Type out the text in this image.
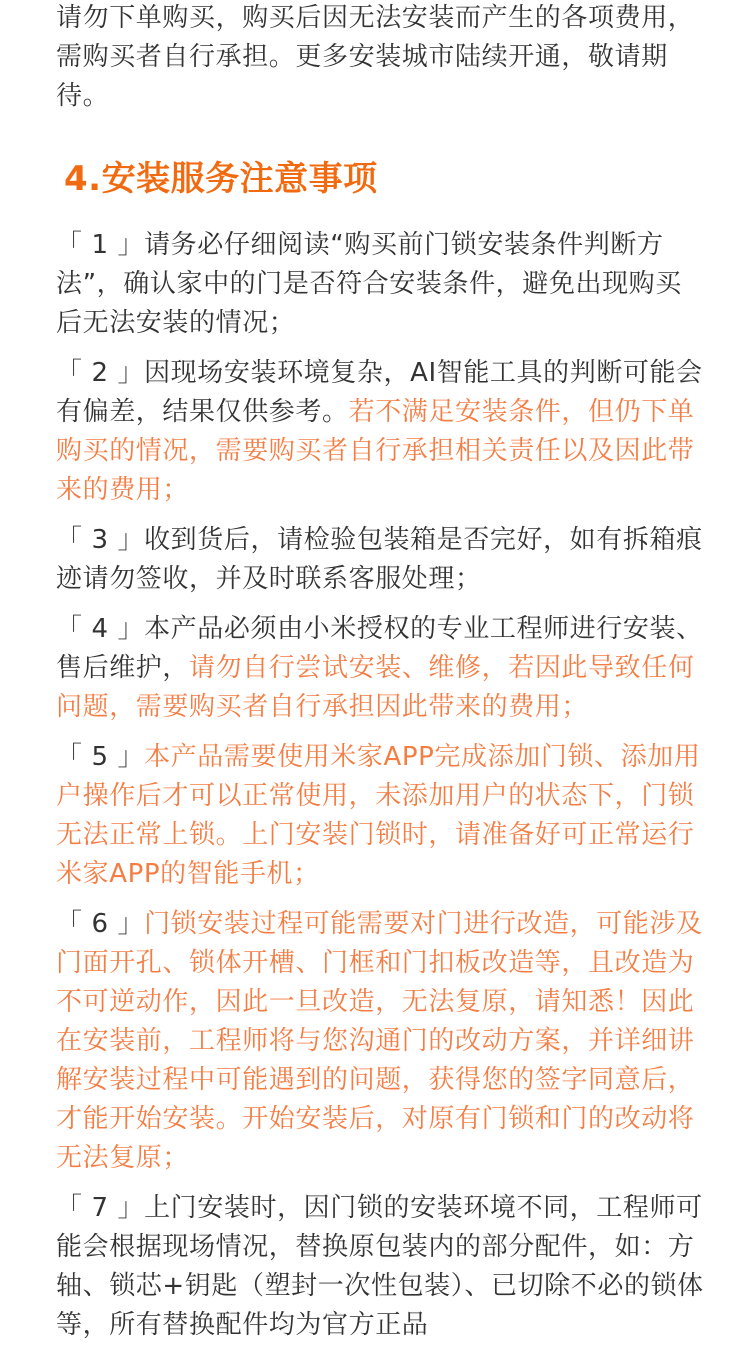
请勿下单购买，购买后因无法安装而产生的各项费用，需购买者自行承担。更多安装城市陆续开通，敬请期待。

4.安装服务注意事项

「 1 」请务必仔细阅读“购买前门锁安装条件判断方法”，确认家中的门是否符合安装条件，避免出现购买后无法安装的情况；

「 2 」因现场安装环境复杂，AI智能工具的判断可能会有偏差，结果仅供参考。若不满足安装条件，但仍下单购买的情况，需要购买者自行承担相关责任以及因此带来的费用；

「 3 」收到货后，请检验包装箱是否完好，如有拆箱痕迹请勿签收，并及时联系客服处理；

「 4 」本产品必须由小米授权的专业工程师进行安装、售后维护，请勿自行尝试安装、维修，若因此导致任何问题，需要购买者自行承担因此带来的费用；

「 5 」本产品需要使用米家APP完成添加门锁、添加用户操作后才可以正常使用，未添加用户的状态下，门锁无法正常上锁。上门安装门锁时，请准备好可正常运行米家APP的智能手机；

「 6 」门锁安装过程可能需要对门进行改造，可能涉及门面开孔、锁体开槽、门框和门扣板改造等，且改造为不可逆动作，因此一旦改造，无法复原，请知悉！因此在安装前，工程师将与您沟通门的改动方案，并详细讲解安装过程中可能遇到的问题，获得您的签字同意后，才能开始安装。开始安装后，对原有门锁和门的改动将无法复原；

「 7 」上门安装时，因门锁的安装环境不同，工程师可能会根据现场情况，替换原包装内的部分配件，如：方轴、锁芯+钥匙（塑封一次性包装）、已切除不必的锁体等，所有替换配件均为官方正品
